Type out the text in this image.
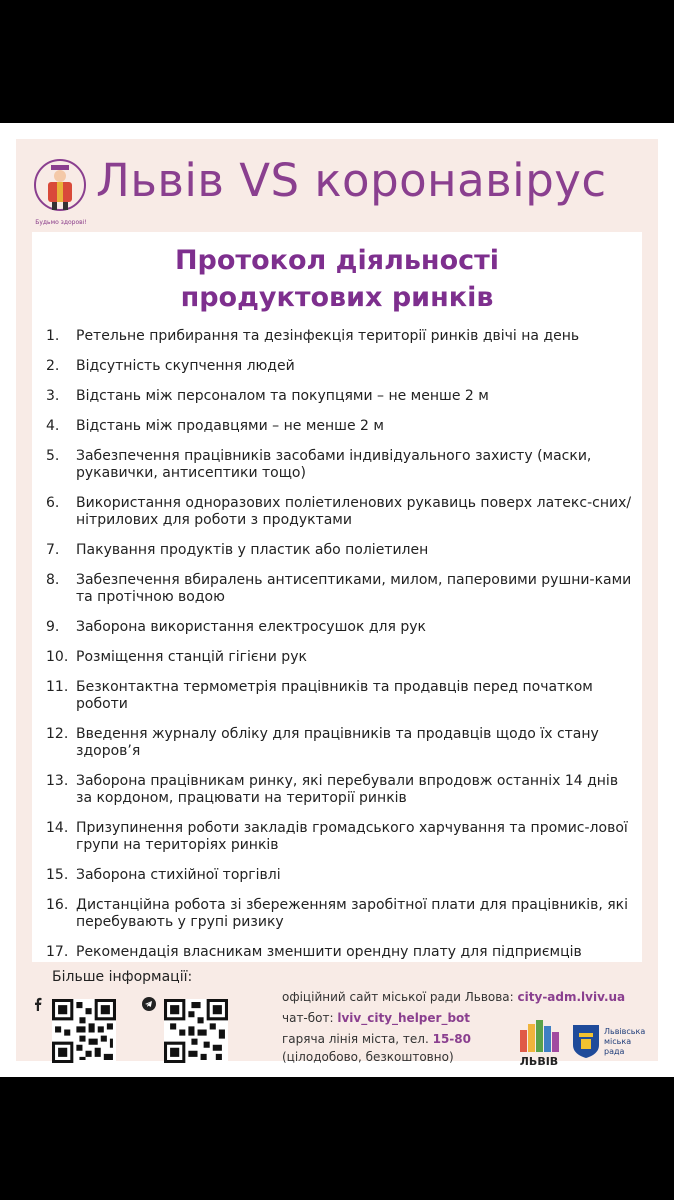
Будьмо здорові!
Львів VS коронавірус
Протокол діяльності
продуктових ринків
1. Ретельне прибирання та дезінфекція території ринків двічі на день
2. Відсутність скупчення людей
3. Відстань між персоналом та покупцями – не менше 2 м
4. Відстань між продавцями – не менше 2 м
5. Забезпечення працівників засобами індивідуального захисту (маски, рукавички, антисептики тощо)
6. Використання одноразових поліетиленових рукавиць поверх латекс-сних/нітрилових для роботи з продуктами
7. Пакування продуктів у пластик або поліетилен
8. Забезпечення вбиралень антисептиками, милом, паперовими рушни-ками та протічною водою
9. Заборона використання електросушок для рук
10. Розміщення станцій гігієни рук
11. Безконтактна термометрія працівників та продавців перед початком роботи
12. Введення журналу обліку для працівників та продавців щодо їх стану здоров’я
13. Заборона працівникам ринку, які перебували впродовж останніх 14 днів за кордоном, працювати на території ринків
14. Призупинення роботи закладів громадського харчування та промис-лової групи на територіях ринків
15. Заборона стихійної торгівлі
16. Дистанційна робота зі збереженням заробітної плати для працівників, які перебувають у групі ризику
17. Рекомендація власникам зменшити орендну плату для підприємців
Більше інформації:
офіційний сайт міської ради Львова: city-adm.lviv.ua
чат-бот: lviv_city_helper_bot
гаряча лінія міста, тел. 15-80
(цілодобово, безкоштовно)	ЛЬВІВ
Львівська
міська
рада
